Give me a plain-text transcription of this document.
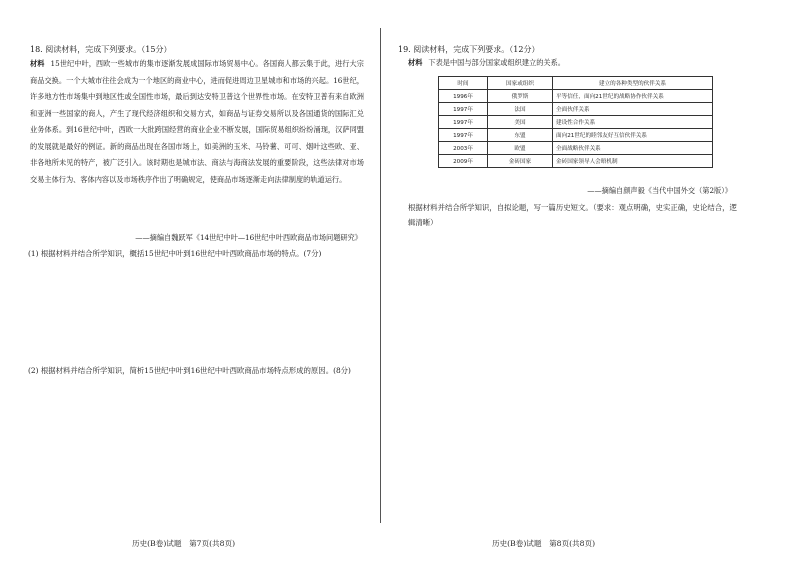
18. 阅读材料，完成下列要求。（15分）
材料 15世纪中叶，西欧一些城市的集市逐渐发展成国际市场贸易中心。各国商人都云集于此，进行大宗商品交换。一个大城市往往会成为一个地区的商业中心，进而促进周边卫星城市和市场的兴起。16世纪，许多地方性市场集中到地区性或全国性市场，最后到达安特卫普这个世界性市场。在安特卫普有来自欧洲和亚洲一些国家的商人，产生了现代经济组织和交易方式，如商品与证券交易所以及各国通货的国际汇兑业务体系。到16世纪中叶，西欧一大批跨国经营的商业企业不断发展，国际贸易组织纷纷涌现，汉萨同盟的发展就是最好的例证。新的商品出现在各国市场上，如美洲的玉米、马铃薯、可可、烟叶这些欧、亚、非各地所未见的特产，被广泛引入。该时期也是城市法、商法与海商法发展的重要阶段，这些法律对市场交易主体行为、客体内容以及市场秩序作出了明确规定，使商品市场逐渐走向法律制度的轨道运行。
——摘编自魏跃军《14世纪中叶—16世纪中叶西欧商品市场问题研究》
(1) 根据材料并结合所学知识，概括15世纪中叶到16世纪中叶西欧商品市场的特点。(7分)
(2) 根据材料并结合所学知识，简析15世纪中叶到16世纪中叶西欧商品市场特点形成的原因。(8分)
历史(B卷)试题　第7页(共8页)
19. 阅读材料，完成下列要求。（12分）
材料 下表是中国与部分国家或组织建立的关系。
时间	国家或组织	建立的各种类型的伙伴关系
1996年	俄罗斯	平等信任，面向21世纪的战略协作伙伴关系
1997年	法国	全面伙伴关系
1997年	美国	建设性合作关系
1997年	东盟	面向21世纪的睦邻友好互信伙伴关系
2003年	欧盟	全面战略伙伴关系
2009年	金砖国家	金砖国家领导人会晤机制
——摘编自颜声毅《当代中国外交（第2版）》
根据材料并结合所学知识，自拟论题，写一篇历史短文。（要求：观点明确，史实正确，史论结合，逻辑清晰）
历史(B卷)试题　第8页(共8页)
